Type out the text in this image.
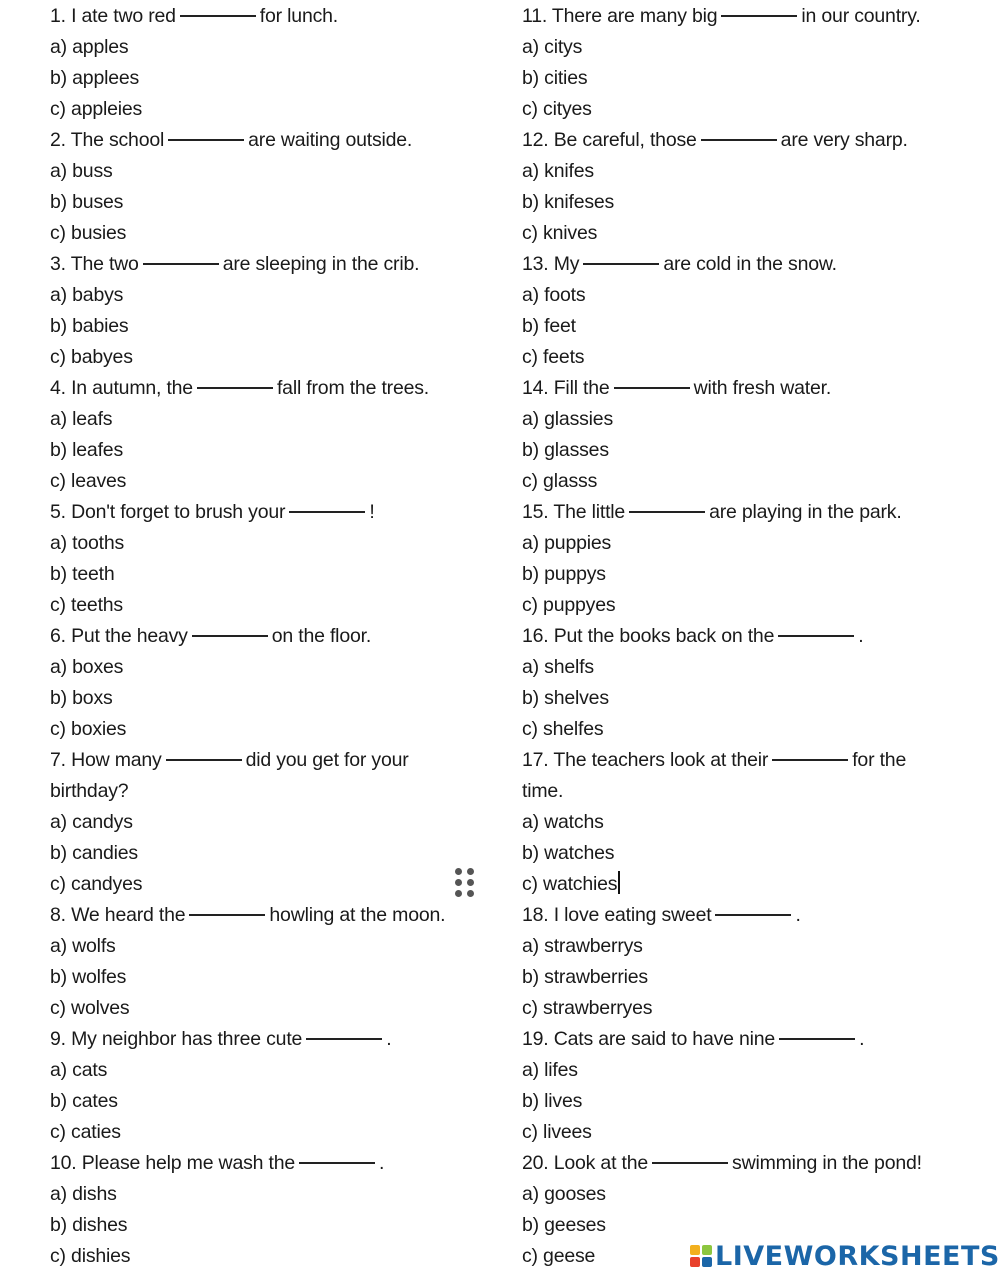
1. I ate two red	for lunch.
a) apples
b) applees
c) appleies
2. The school	are waiting outside.
a) buss
b) buses
c) busies
3. The two	are sleeping in the crib.
a) babys
b) babies
c) babyes
4. In autumn, the	fall from the trees.
a) leafs
b) leafes
c) leaves
5. Don't forget to brush your	!
a) tooths
b) teeth
c) teeths
6. Put the heavy	on the floor.
a) boxes
b) boxs
c) boxies
7. How many	did you get for your
birthday?
a) candys
b) candies
c) candyes
8. We heard the	howling at the moon.
a) wolfs
b) wolfes
c) wolves
9. My neighbor has three cute	.
a) cats
b) cates
c) caties
10. Please help me wash the	.
a) dishs
b) dishes
c) dishies
11. There are many big	in our country.
a) citys
b) cities
c) cityes
12. Be careful, those	are very sharp.
a) knifes
b) knifeses
c) knives
13. My	are cold in the snow.
a) foots
b) feet
c) feets
14. Fill the	with fresh water.
a) glassies
b) glasses
c) glasss
15. The little	are playing in the park.
a) puppies
b) puppys
c) puppyes
16. Put the books back on the	.
a) shelfs
b) shelves
c) shelfes
17. The teachers look at their	for the
time.
a) watchs
b) watches
c) watchies
18. I love eating sweet	.
a) strawberrys
b) strawberries
c) strawberryes
19. Cats are said to have nine	.
a) lifes
b) lives
c) livees
20. Look at the	swimming in the pond!
a) gooses
b) geeses
c) geese	LIVEWORKSHEETS
